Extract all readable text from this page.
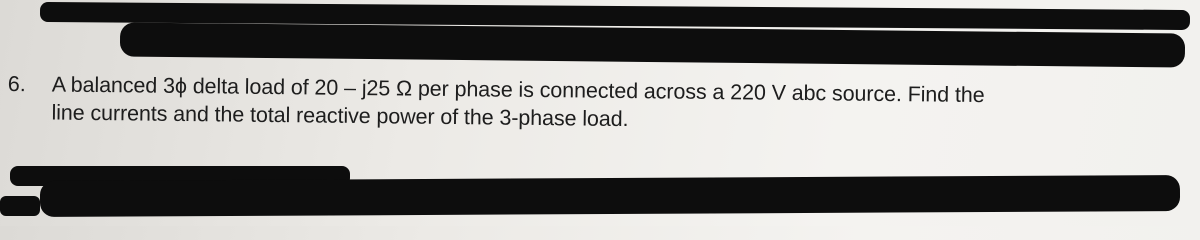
6.	A balanced 3ϕ delta load of 20 – j25 Ω per phase is connected across a 220 V abc source. Find the
line currents and the total reactive power of the 3-phase load.
